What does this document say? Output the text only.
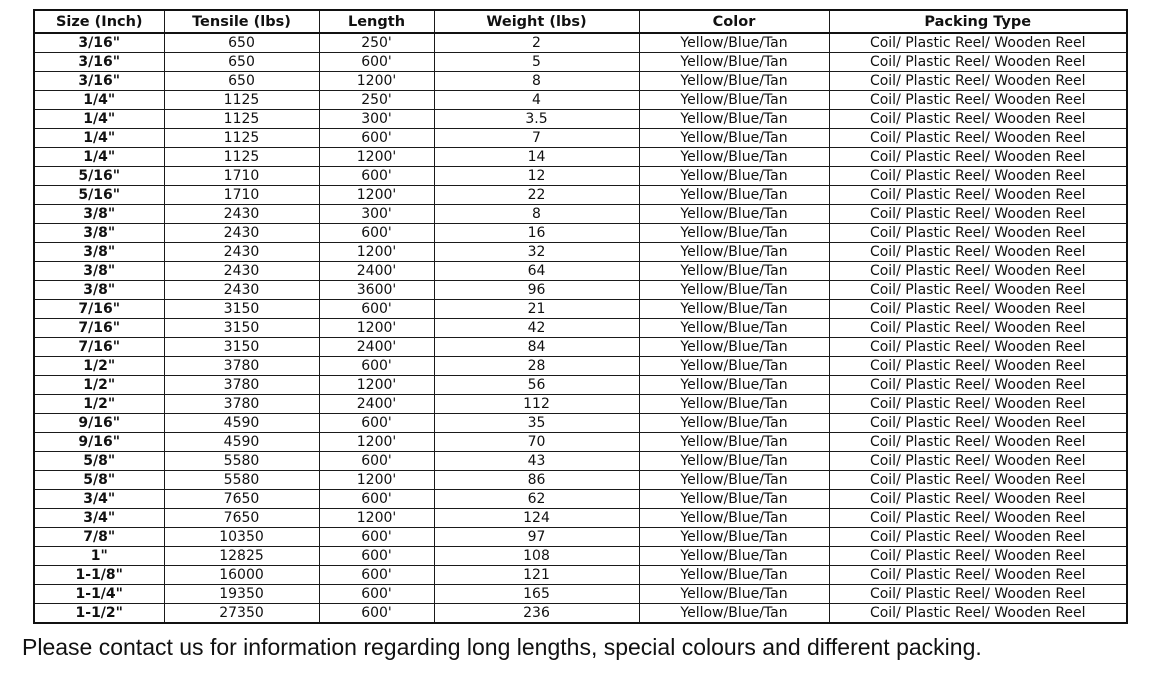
Size (Inch)	Tensile (lbs)	Length	Weight (lbs)	Color	Packing Type
3/16"	650	250'	2	Yellow/Blue/Tan	Coil/ Plastic Reel/ Wooden Reel
3/16"	650	600'	5	Yellow/Blue/Tan	Coil/ Plastic Reel/ Wooden Reel
3/16"	650	1200'	8	Yellow/Blue/Tan	Coil/ Plastic Reel/ Wooden Reel
1/4"	1125	250'	4	Yellow/Blue/Tan	Coil/ Plastic Reel/ Wooden Reel
1/4"	1125	300'	3.5	Yellow/Blue/Tan	Coil/ Plastic Reel/ Wooden Reel
1/4"	1125	600'	7	Yellow/Blue/Tan	Coil/ Plastic Reel/ Wooden Reel
1/4"	1125	1200'	14	Yellow/Blue/Tan	Coil/ Plastic Reel/ Wooden Reel
5/16"	1710	600'	12	Yellow/Blue/Tan	Coil/ Plastic Reel/ Wooden Reel
5/16"	1710	1200'	22	Yellow/Blue/Tan	Coil/ Plastic Reel/ Wooden Reel
3/8"	2430	300'	8	Yellow/Blue/Tan	Coil/ Plastic Reel/ Wooden Reel
3/8"	2430	600'	16	Yellow/Blue/Tan	Coil/ Plastic Reel/ Wooden Reel
3/8"	2430	1200'	32	Yellow/Blue/Tan	Coil/ Plastic Reel/ Wooden Reel
3/8"	2430	2400'	64	Yellow/Blue/Tan	Coil/ Plastic Reel/ Wooden Reel
3/8"	2430	3600'	96	Yellow/Blue/Tan	Coil/ Plastic Reel/ Wooden Reel
7/16"	3150	600'	21	Yellow/Blue/Tan	Coil/ Plastic Reel/ Wooden Reel
7/16"	3150	1200'	42	Yellow/Blue/Tan	Coil/ Plastic Reel/ Wooden Reel
7/16"	3150	2400'	84	Yellow/Blue/Tan	Coil/ Plastic Reel/ Wooden Reel
1/2"	3780	600'	28	Yellow/Blue/Tan	Coil/ Plastic Reel/ Wooden Reel
1/2"	3780	1200'	56	Yellow/Blue/Tan	Coil/ Plastic Reel/ Wooden Reel
1/2"	3780	2400'	112	Yellow/Blue/Tan	Coil/ Plastic Reel/ Wooden Reel
9/16"	4590	600'	35	Yellow/Blue/Tan	Coil/ Plastic Reel/ Wooden Reel
9/16"	4590	1200'	70	Yellow/Blue/Tan	Coil/ Plastic Reel/ Wooden Reel
5/8"	5580	600'	43	Yellow/Blue/Tan	Coil/ Plastic Reel/ Wooden Reel
5/8"	5580	1200'	86	Yellow/Blue/Tan	Coil/ Plastic Reel/ Wooden Reel
3/4"	7650	600'	62	Yellow/Blue/Tan	Coil/ Plastic Reel/ Wooden Reel
3/4"	7650	1200'	124	Yellow/Blue/Tan	Coil/ Plastic Reel/ Wooden Reel
7/8"	10350	600'	97	Yellow/Blue/Tan	Coil/ Plastic Reel/ Wooden Reel
1"	12825	600'	108	Yellow/Blue/Tan	Coil/ Plastic Reel/ Wooden Reel
1-1/8"	16000	600'	121	Yellow/Blue/Tan	Coil/ Plastic Reel/ Wooden Reel
1-1/4"	19350	600'	165	Yellow/Blue/Tan	Coil/ Plastic Reel/ Wooden Reel
1-1/2"	27350	600'	236	Yellow/Blue/Tan	Coil/ Plastic Reel/ Wooden Reel
Please contact us for information regarding long lengths, special colours and different packing.
